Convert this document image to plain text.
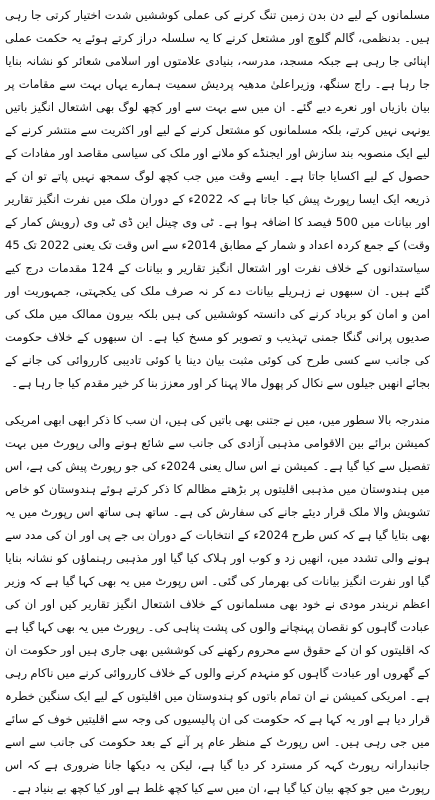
مسلمانوں کے لیے دن بدن زمین تنگ کرنے کی عملی کوششیں شدت اختیار کرتی جا رہی ہیں۔ بدنظمی، گالم گلوچ اور مشتعل کرنے کا یہ سلسلہ دراز کرتے ہوئے یہ حکمت عملی اپنائی جا رہی ہے جبکہ مسجد، مدرسہ، بنیادی علامتوں اور اسلامی شعائر کو نشانہ بنایا جا رہا ہے۔ راج سنگھ، وزیراعلیٰ مدھیہ پردیش سمیت ہمارے یہاں بہت سے مقامات پر بیان بازیاں اور نعرے دیے گئے۔ ان میں سے بہت سے اور کچھ لوگ بھی اشتعال انگیز باتیں یونہی نہیں کرتے، بلکہ مسلمانوں کو مشتعل کرنے کے لیے اور اکثریت سے منتشر کرنے کے لیے ایک منصوبہ بند سازش اور ایجنڈے کو ملانے اور ملک کی سیاسی مقاصد اور مفادات کے حصول کے لیے اکسایا جاتا ہے۔ ایسے وقت میں جب کچھ لوگ سمجھ نہیں پاتے تو ان کے ذریعہ ایک ایسا رپورٹ پیش کیا جاتا ہے کہ 2022ء کے دوران ملک میں نفرت انگیز تقاریر اور بیانات میں 500 فیصد کا اضافہ ہوا ہے۔ ٹی وی چینل این ڈی ٹی وی (رویش کمار کے وقت) کے جمع کردہ اعداد و شمار کے مطابق 2014ء سے اس وقت تک یعنی 2022 تک 45 سیاستدانوں کے خلاف نفرت اور اشتعال انگیز تقاریر و بیانات کے 124 مقدمات درج کیے گئے ہیں۔ ان سبھوں نے زہریلے بیانات دے کر نہ صرف ملک کی یکجہتی، جمہوریت اور امن و امان کو برباد کرنے کی دانستہ کوششیں کی ہیں بلکہ بیرون ممالک میں ملک کی صدیوں پرانی گنگا جمنی تہذیب و تصویر کو مسخ کیا ہے۔ ان سبھوں کے خلاف حکومت کی جانب سے کسی طرح کی کوئی مثبت بیان دینا یا کوئی تادیبی کارروائی کی جانے کے بجائے انھیں جیلوں سے نکال کر پھول مالا پہنا کر اور معزز بنا کر خیر مقدم کیا جا رہا ہے۔

مندرجہ بالا سطور میں، میں نے جتنی بھی باتیں کی ہیں، ان سب کا ذکر ابھی ابھی امریکی کمیشن برائے بین الاقوامی مذہبی آزادی کی جانب سے شائع ہونے والی رپورٹ میں بہت تفصیل سے کیا گیا ہے۔ کمیشن نے اس سال یعنی 2024ء کی جو رپورٹ پیش کی ہے، اس میں ہندوستان میں مذہبی اقلیتوں پر بڑھتے مظالم کا ذکر کرتے ہوئے ہندوستان کو خاص تشویش والا ملک قرار دیئے جانے کی سفارش کی ہے۔ ساتھ ہی ساتھ اس رپورٹ میں یہ بھی بتایا گیا ہے کہ کس طرح 2024ء کے انتخابات کے دوران بی جے پی اور ان کی مدد سے ہونے والی تشدد میں، انھیں زد و کوب اور ہلاک کیا گیا اور مذہبی رہنماؤں کو نشانہ بنایا گیا اور نفرت انگیز بیانات کی بھرمار کی گئی۔ اس رپورٹ میں یہ بھی کہا گیا ہے کہ وزیر اعظم نریندر مودی نے خود بھی مسلمانوں کے خلاف اشتعال انگیز تقاریر کیں اور ان کی عبادت گاہوں کو نقصان پہنچانے والوں کی پشت پناہی کی۔ رپورٹ میں یہ بھی کہا گیا ہے کہ اقلیتوں کو ان کے حقوق سے محروم رکھنے کی کوششیں بھی جاری ہیں اور حکومت ان کے گھروں اور عبادت گاہوں کو منہدم کرنے والوں کے خلاف کارروائی کرنے میں ناکام رہی ہے۔ امریکی کمیشن نے ان تمام باتوں کو ہندوستان میں اقلیتوں کے لیے ایک سنگین خطرہ قرار دیا ہے اور یہ کہا ہے کہ حکومت کی ان پالیسیوں کی وجہ سے اقلیتیں خوف کے سائے میں جی رہی ہیں۔ اس رپورٹ کے منظر عام پر آنے کے بعد حکومت کی جانب سے اسے جانبدارانہ رپورٹ کہہ کر مسترد کر دیا گیا ہے، لیکن یہ دیکھا جانا ضروری ہے کہ اس رپورٹ میں جو کچھ بیان کیا گیا ہے، ان میں سے کیا کچھ غلط ہے اور کیا کچھ بے بنیاد ہے۔
